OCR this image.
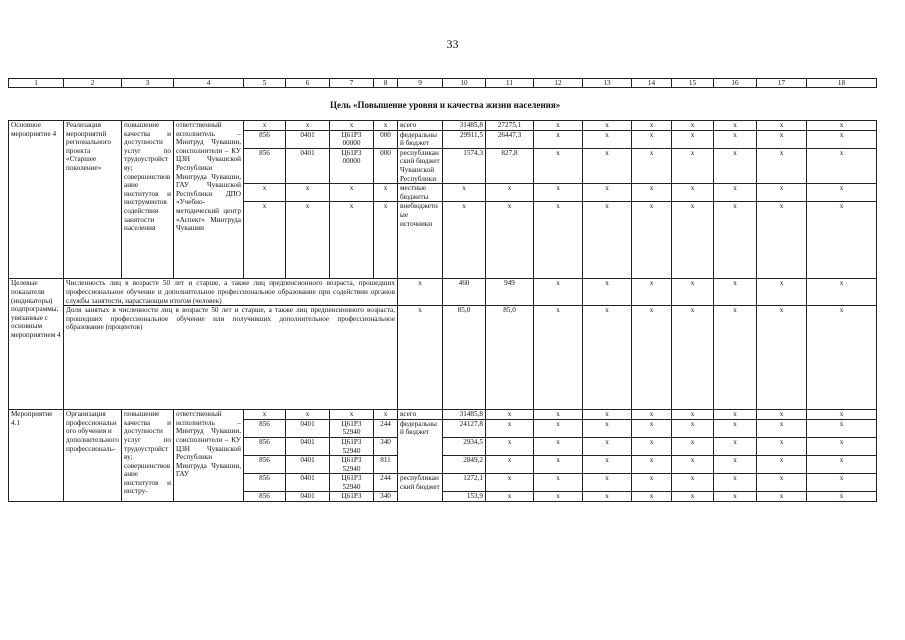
33
1	2	3	4	5	6	7	8	9	10	11	12	13	14	15	16	17	18
Цель «Повышение уровня и качества жизни населения»
Основное мероприятие 4	Реализация мероприятий регионального проекта «Старшее поколение»	повышение качества и доступности услуг по трудоустройству; совершенствование институтов и инструментов содействия занятости населения	ответственный исполнитель – Минтруд Чувашии, соисполнители – КУ ЦЗН Чувашской Республики Минтруда Чувашии, ГАУ Чувашской Республики ДПО «Учебно-методический центр «Аспект» Минтруда Чувашии	x	x	x	x	всего	31485,8	27275,1	x	x	x	x	x	x	x
				856	0401	Ц61Р3 00000	000	федеральный бюджет	29911,5	26447,3	x	x	x	x	x	x	x
				856	0401	Ц61Р3 00000	000	республиканский бюджет Чувашской Республики	1574,3	827,8	x	x	x	x	x	x	x
				x	x	x	x	местные бюджеты	x	x	x	x	x	x	x	x	x
				x	x	x	x	внебюджетные источники	x	x	x	x	x	x	x	x	x
Целевые показатели (индикаторы) подпрограммы, увязанные с основным мероприятием 4	Численность лиц в возрасте 50 лет и старше, а также лиц предпенсионного возраста, прошедших профессиональное обучение и дополнительное профессиональное образование при содействии органов службы занятости, нарастающим итогом (человек)							x	460	949	x	x	x	x	x	x	x
	Доля занятых в численности лиц в возрасте 50 лет и старше, а также лиц предпенсионного возраста, прошедших профессиональное обучение или получивших дополнительное профессиональное образование (процентов)							x	85,0	85,0	x	x	x	x	x	x	x
Мероприятие 4.1	Организация профессионального обучения и дополнительного профессиональ-	повышение качества и доступности услуг по трудоустройству; совершенствование институтов и инстру-	ответственный исполнитель – Минтруд Чувашии, соисполнители – КУ ЦЗН Чувашской Республики Минтруда Чувашии, ГАУ	x	x	x	x	всего	31485,8	x	x	x	x	x	x	x	x
				856	0401	Ц61Р3 52940	244	федеральный бюджет	24127,8	x	x	x	x	x	x	x	x
				856	0401	Ц61Р3 52940	340		2934,5	x	x	x	x	x	x	x	x
				856	0401	Ц61Р3 52940	811		2849,2	x	x	x	x	x	x	x	x
				856	0401	Ц61Р3 52940	244	республиканский бюджет	1272,1	x	x	x	x	x	x	x	x
				856	0401	Ц61Р3	340		153,9	x	x	x	x	x	x	x	x
